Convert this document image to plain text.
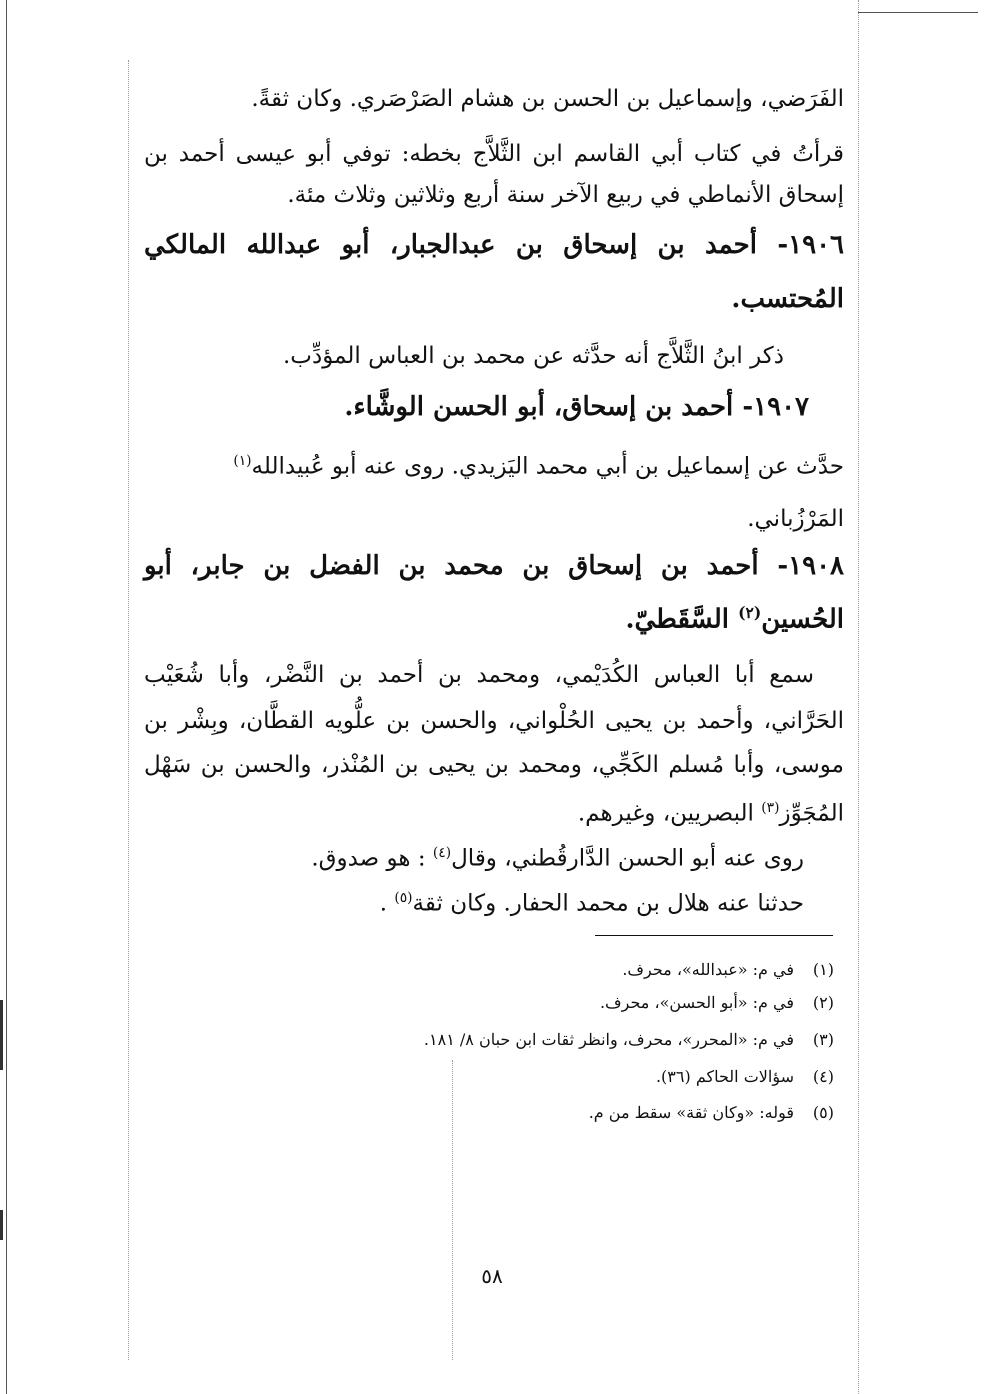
الفَرَضي، وإسماعيل بن الحسن بن هشام الصَرْصَري. وكان ثقةً.
قرأتُ في كتاب أبي القاسم ابن الثَّلاَّج بخطه: توفي أبو عيسى أحمد بن
إسحاق الأنماطي في ربيع الآخر سنة أربع وثلاثين وثلاث مئة.
١٩٠٦- أحمد بن إسحاق بن عبدالجبار، أبو عبدالله المالكي
المُحتسب.
ذكر ابنُ الثَّلاَّج أنه حدَّثه عن محمد بن العباس المؤدِّب.
١٩٠٧- أحمد بن إسحاق، أبو الحسن الوشَّاء.
حدَّث عن إسماعيل بن أبي محمد اليَزيدي. روى عنه أبو عُبيدالله$^{(١)}$
المَرْزُباني.
١٩٠٨- أحمد بن إسحاق بن محمد بن الفضل بن جابر، أبو
الحُسين$^{(٢)}$ السَّقَطيّ.
سمع أبا العباس الكُدَيْمي، ومحمد بن أحمد بن النَّضْر، وأبا شُعَيْب
الحَرَّاني، وأحمد بن يحيى الحُلْواني، والحسن بن علُّويه القطَّان، وبِشْر بن
موسى، وأبا مُسلم الكَجِّي، ومحمد بن يحيى بن المُنْذر، والحسن بن سَهْل
المُجَوِّز$^{(٣)}$ البصريين، وغيرهم.
روى عنه أبو الحسن الدَّارقُطني، وقال$^{(٤)}$ : هو صدوق.
حدثنا عنه هلال بن محمد الحفار. وكان ثقة$^{(٥)}$ .
(١)في م: «عبدالله»، محرف.
(٢)في م: «أبو الحسن»، محرف.
(٣)في م: «المحرر»، محرف، وانظر ثقات ابن حبان ٨/ ١٨١.
(٤)سؤالات الحاكم (٣٦).
(٥)قوله: «وكان ثقة» سقط من م.
٥٨
